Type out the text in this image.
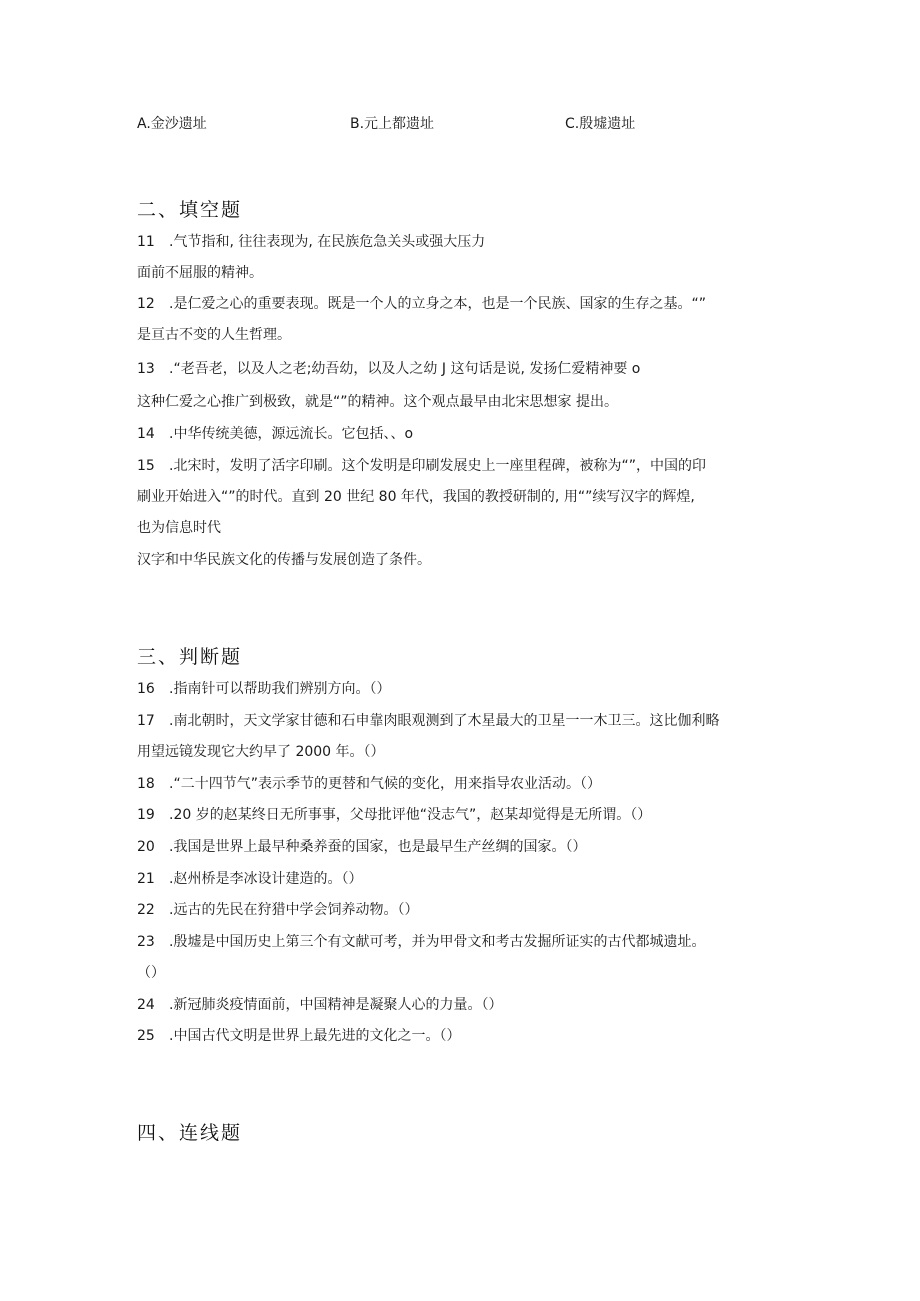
A.金沙遗址	B.元上都遗址	C.殷墟遗址
二、填空题
11 .气节指和, 往往表现为, 在民族危急关头或强大压力
面前不屈服的精神。
12 .是仁爱之心的重要表现。既是一个人的立身之本，也是一个民族、国家的生存之基。“”
是亘古不变的人生哲理。
13 .“老吾老，以及人之老;幼吾幼，以及人之幼 J 这句话是说, 发扬仁爱精神要 o
这种仁爱之心推广到极致，就是“”的精神。这个观点最早由北宋思想家 提出。
14 .中华传统美德，源远流长。它包括、、o
15 .北宋时，发明了活字印刷。这个发明是印刷发展史上一座里程碑，被称为“”，中国的印
刷业开始进入“”的时代。直到 20 世纪 80 年代，我国的教授研制的, 用“”续写汉字的辉煌,
也为信息时代
汉字和中华民族文化的传播与发展创造了条件。
三、判断题
16 .指南针可以帮助我们辨别方向。（）
17 .南北朝时，天文学家甘德和石申靠肉眼观测到了木星最大的卫星一一木卫三。这比伽利略
用望远镜发现它大约早了 2000 年。（）
18 .“二十四节气”表示季节的更替和气候的变化，用来指导农业活动。（）
19 .20 岁的赵某终日无所事事，父母批评他“没志气”，赵某却觉得是无所谓。（）
20 .我国是世界上最早种桑养蚕的国家，也是最早生产丝绸的国家。（）
21 .赵州桥是李冰设计建造的。（）
22 .远古的先民在狩猎中学会饲养动物。（）
23 .殷墟是中国历史上第三个有文献可考，并为甲骨文和考古发掘所证实的古代都城遗址。
（）
24 .新冠肺炎疫情面前，中国精神是凝聚人心的力量。（）
25 .中国古代文明是世界上最先进的文化之一。（）
四、连线题
